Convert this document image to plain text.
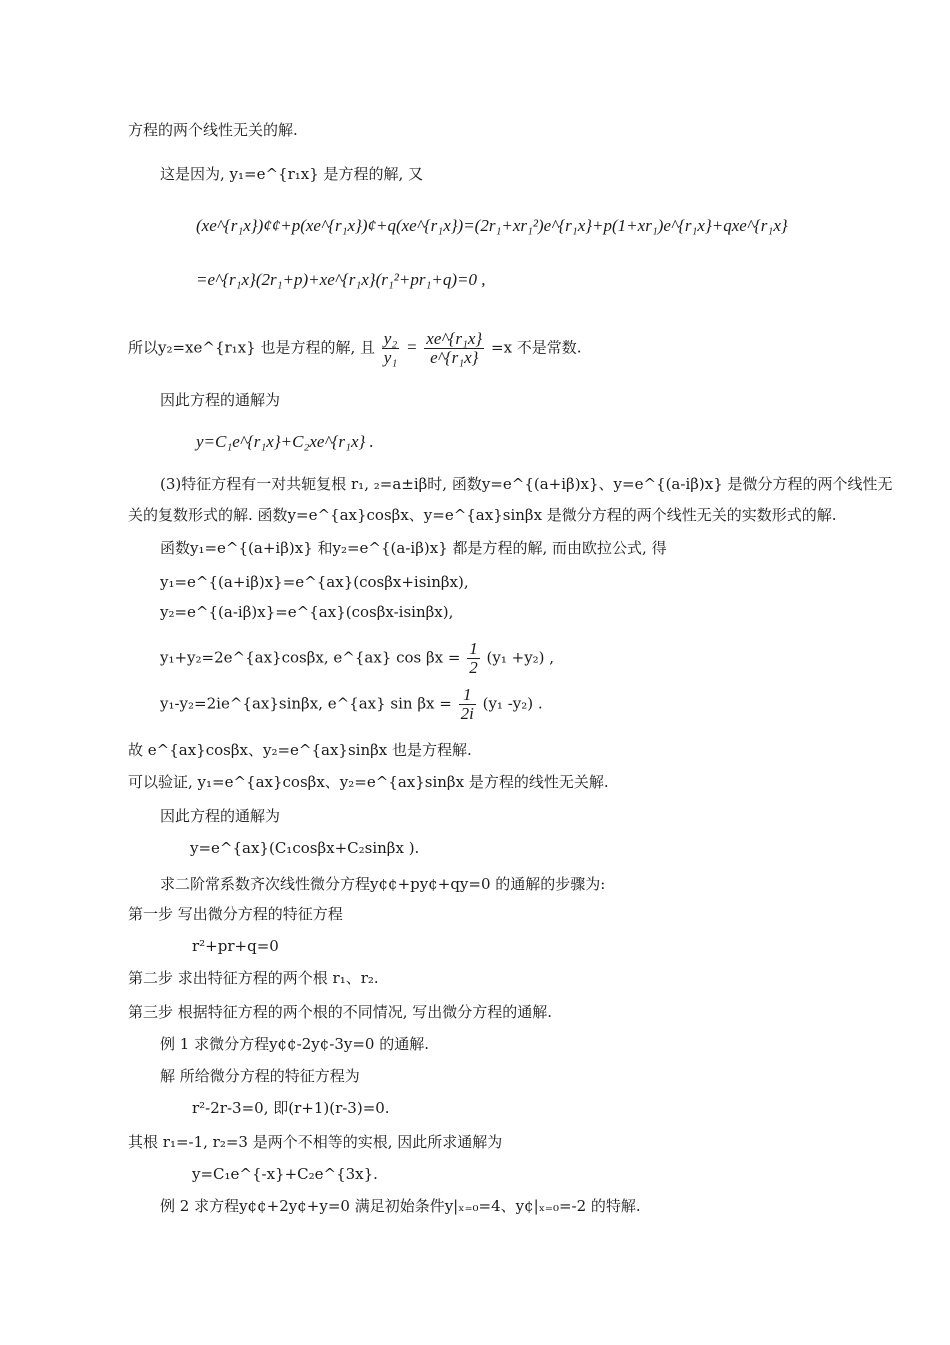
方程的两个线性无关的解.
这是因为, y₁=e^{r₁x} 是方程的解, 又
(xe^{r₁x})¢¢+p(xe^{r₁x})¢+q(xe^{r₁x})=(2r₁+xr₁²)e^{r₁x}+p(1+xr₁)e^{r₁x}+qxe^{r₁x}
=e^{r₁x}(2r₁+p)+xe^{r₁x}(r₁²+pr₁+q)=0 ,
所以y₂=xe^{r₁x} 也是方程的解, 且 $\frac{\text{y₂}}{\text{y₁}} = \frac{\text{xe\textasciicircum{}\{r₁x\}}}{\text{e\textasciicircum{}\{r₁x\}}} =x$ 不是常数.
因此方程的通解为
y=C₁e^{r₁x}+C₂xe^{r₁x} .
(3)特征方程有一对共轭复根 r₁, ₂=a±iβ时, 函数y=e^{(a+iβ)x}、y=e^{(a-iβ)x} 是微分方程的两个线性无
关的复数形式的解. 函数y=e^{ax}cosβx、y=e^{ax}sinβx 是微分方程的两个线性无关的实数形式的解.
函数y₁=e^{(a+iβ)x} 和y₂=e^{(a-iβ)x} 都是方程的解, 而由欧拉公式, 得
y₁=e^{(a+iβ)x}=e^{ax}(cosβx+isinβx),
y₂=e^{(a-iβ)x}=e^{ax}(cosβx-isinβx),
y₁+y₂=2e^{ax}cosβx, e^{ax} $\cos \beta x = \frac{1}{2} (y_1 +y_2)$ ,
y₁-y₂=2ie^{ax}sinβx, e^{ax} $\sin \beta x = \frac{1}{2i} (y_1$ -y₂) .
故 e^{ax}cosβx、y₂=e^{ax}sinβx 也是方程解.
可以验证, y₁=e^{ax}cosβx、y₂=e^{ax}sinβx 是方程的线性无关解.
因此方程的通解为
y=e^{ax}(C₁cosβx+C₂sinβx ).
求二阶常系数齐次线性微分方程y¢¢+py¢+qy=0 的通解的步骤为:
第一步 写出微分方程的特征方程
r²+pr+q=0
第二步 求出特征方程的两个根 r₁、r₂.
第三步 根据特征方程的两个根的不同情况, 写出微分方程的通解.
例 1 求微分方程y¢¢-2y¢-3y=0 的通解.
解 所给微分方程的特征方程为
r²-2r-3=0, 即(r+1)(r-3)=0.
其根 r₁=-1, r₂=3 是两个不相等的实根, 因此所求通解为
y=C₁e^{-x}+C₂e^{3x}.
例 2 求方程y¢¢+2y¢+y=0 满足初始条件y|ₓ₌₀=4、y¢|ₓ₌₀=-2 的特解.
